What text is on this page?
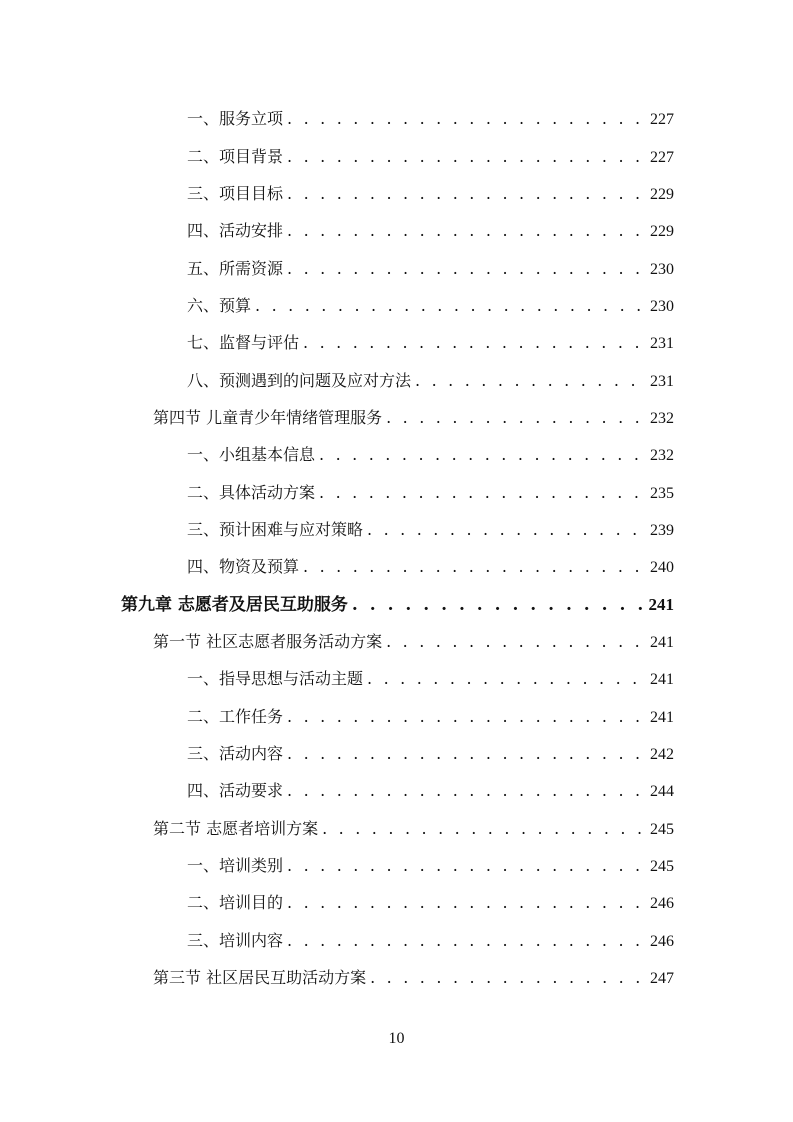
一、服务立项 . . .	227
二、项目背景 . . .	227
三、项目目标 . . .	229
四、活动安排 . . .	229
五、所需资源 . . .	230
六、预算 . . .	230
七、监督与评估 . . .	231
八、预测遇到的问题及应对方法 . . .	231
第四节 儿童青少年情绪管理服务 . . .	232
一、小组基本信息 . . .	232
二、具体活动方案 . . .	235
三、预计困难与应对策略 . . .	239
四、物资及预算 . . .	240
第九章 志愿者及居民互助服务 . . .	241
第一节 社区志愿者服务活动方案 . . .	241
一、指导思想与活动主题 . . .	241
二、工作任务 . . .	241
三、活动内容 . . .	242
四、活动要求 . . .	244
第二节 志愿者培训方案 . . .	245
一、培训类别 . . .	245
二、培训目的 . . .	246
三、培训内容 . . .	246
第三节 社区居民互助活动方案 . . .	247
10
